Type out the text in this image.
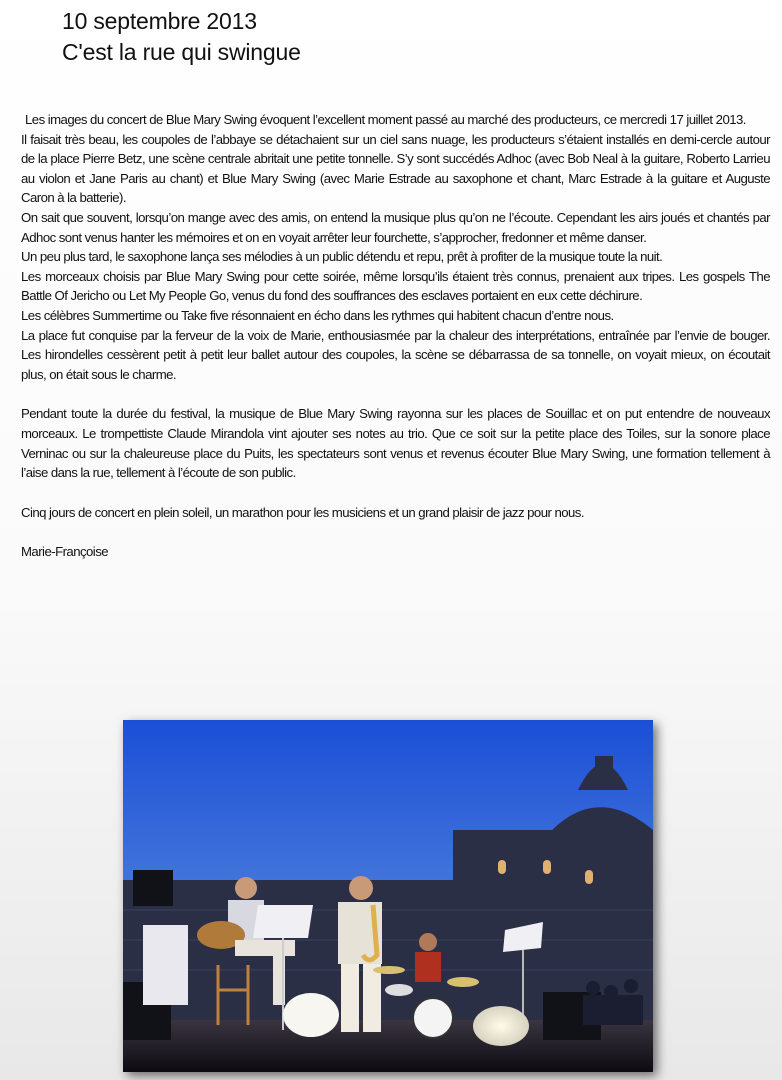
10 septembre 2013
C'est la rue qui swingue

Les images du concert de Blue Mary Swing évoquent l’excellent moment passé au marché des producteurs, ce mercredi 17 juillet 2013.

Il faisait très beau, les coupoles de l’abbaye se détachaient sur un ciel sans nuage, les producteurs s’étaient installés en demi-cercle autour de la place Pierre Betz, une scène centrale abritait une petite tonnelle. S’y sont succédés Adhoc (avec Bob Neal à la guitare, Roberto Larrieu au violon et Jane Paris au chant) et Blue Mary Swing (avec Marie Estrade au saxophone et chant, Marc Estrade à la guitare et Auguste Caron à la batterie).

On sait que souvent, lorsqu’on mange avec des amis, on entend la musique plus qu’on ne l’écoute. Cependant les airs joués et chantés par Adhoc sont venus hanter les mémoires et on en voyait arrêter leur fourchette, s’approcher, fredonner et même danser.

Un peu plus tard, le saxophone lança ses mélodies à un public détendu et repu, prêt à profiter de la musique toute la nuit.

Les morceaux choisis par Blue Mary Swing pour cette soirée, même lorsqu’ils étaient très connus, prenaient aux tripes. Les gospels The Battle Of Jericho ou Let My People Go, venus du fond des souffrances des esclaves portaient en eux cette déchirure.

Les célèbres Summertime ou Take five résonnaient en écho dans les rythmes qui habitent chacun d’entre nous.

La place fut conquise par la ferveur de la voix de Marie, enthousiasmée par la chaleur des interprétations, entraînée par l’envie de bouger. Les hirondelles cessèrent petit à petit leur ballet autour des coupoles, la scène se débarrassa de sa tonnelle, on voyait mieux, on écoutait plus, on était sous le charme.

Pendant toute la durée du festival, la musique de Blue Mary Swing rayonna sur les places de Souillac et on put entendre de nouveaux morceaux. Le trompettiste Claude Mirandola vint ajouter ses notes au trio. Que ce soit sur la petite place des Toiles, sur la sonore place Verninac ou sur la chaleureuse place du Puits, les spectateurs sont venus et revenus écouter Blue Mary Swing, une formation tellement à l’aise dans la rue, tellement à l’écoute de son public.

Cinq jours de concert en plein soleil, un marathon pour les musiciens et un grand plaisir de jazz pour nous.

Marie-Françoise
